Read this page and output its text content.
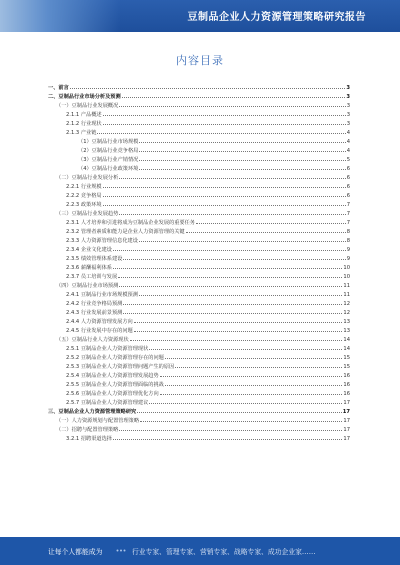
豆制品企业人力资源管理策略研究报告
内容目录
一、前言	3
二、豆制品行业市场分析及预测	3
（一）豆制品行业发展概况	3
2.1.1 产品概述	3
2.1.2 行业现状	3
2.1.3 产业链	4
（1）豆制品行业市场规模	4
（2）豆制品行业竞争格局	4
（3）豆制品行业产销情况	5
（4）豆制品行业政策环境	6
（二）豆制品行业发展分析	6
2.2.1 行业规模	6
2.2.2 竞争格局	6
2.2.3 政策环境	7
（三）豆制品行业发展趋势	7
2.3.1 人才培养和引进将成为豆制品企业发展的重要任务	7
2.3.2 管理者素质和能力是企业人力资源管理的关键	8
2.3.3 人力资源管理信息化建设	8
2.3.4 企业文化建设	9
2.3.5 绩效管理体系建设	9
2.3.6 薪酬福利体系	10
2.3.7 员工培训与发展	10
（四）豆制品行业市场预测	11
2.4.1 豆制品行业市场规模预测	11
2.4.2 行业竞争格局预测	12
2.4.3 行业发展前景预测	12
2.4.4 人力资源管理发展方向	13
2.4.5 行业发展中存在的问题	13
（五）豆制品行业人力资源现状	14
2.5.1 豆制品企业人力资源管理现状	14
2.5.2 豆制品企业人力资源管理存在的问题	15
2.5.3 豆制品企业人力资源管理问题产生的原因	15
2.5.4 豆制品企业人力资源管理发展趋势	16
2.5.5 豆制品企业人力资源管理面临的挑战	16
2.5.6 豆制品企业人力资源管理优化方向	16
2.5.7 豆制品企业人力资源管理建议	17
三、豆制品企业人力资源管理策略研究	17
（一）人力资源规划与配置管理策略	17
（二）招聘与配置管理策略	17
3.2.1 招聘渠道选择	17
让每个人都能成为	行业专家、管理专家、营销专家、战略专家、成功企业家……
